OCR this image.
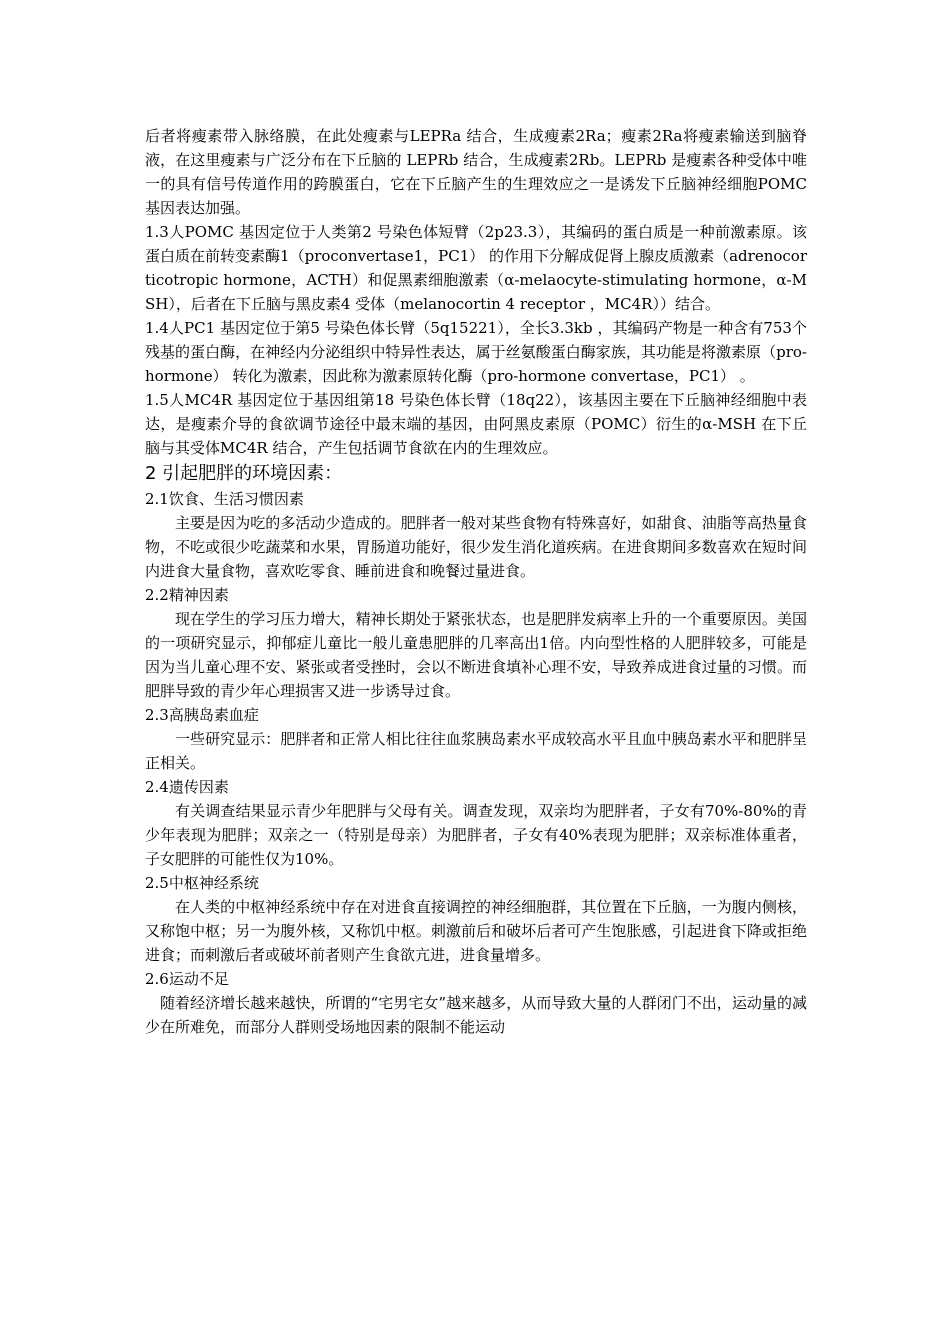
后者将瘦素带入脉络膜，在此处瘦素与LEPRa 结合，生成瘦素2Ra；瘦素2Ra将瘦素输送到脑脊液，在这里瘦素与广泛分布在下丘脑的 LEPRb 结合，生成瘦素2Rb。LEPRb 是瘦素各种受体中唯一的具有信号传道作用的跨膜蛋白，它在下丘脑产生的生理效应之一是诱发下丘脑神经细胞POMC 基因表达加强。

1.3人POMC 基因定位于人类第2 号染色体短臂（2p23.3），其编码的蛋白质是一种前激素原。该蛋白质在前转变素酶1（proconvertase1，PC1） 的作用下分解成促肾上腺皮质激素（adrenocorticotropic hormone，ACTH）和促黑素细胞激素（α-melaocyte-stimulating hormone，α-MSH），后者在下丘脑与黑皮素4 受体（melanocortin 4 receptor ，MC4R））结合。

1.4人PC1 基因定位于第5 号染色体长臂（5q15221），全长3.3kb ，其编码产物是一种含有753个残基的蛋白酶，在神经内分泌组织中特异性表达，属于丝氨酸蛋白酶家族，其功能是将激素原（pro-hormone） 转化为激素，因此称为激素原转化酶（pro-hormone convertase，PC1） 。

1.5人MC4R 基因定位于基因组第18 号染色体长臂（18q22），该基因主要在下丘脑神经细胞中表达，是瘦素介导的食欲调节途径中最末端的基因，由阿黑皮素原（POMC）衍生的α-MSH 在下丘脑与其受体MC4R 结合，产生包括调节食欲在内的生理效应。

2 引起肥胖的环境因素：
2.1饮食、生活习惯因素

主要是因为吃的多活动少造成的。肥胖者一般对某些食物有特殊喜好，如甜食、油脂等高热量食物，不吃或很少吃蔬菜和水果，胃肠道功能好，很少发生消化道疾病。在进食期间多数喜欢在短时间内进食大量食物，喜欢吃零食、睡前进食和晚餐过量进食。

2.2精神因素

现在学生的学习压力增大，精神长期处于紧张状态，也是肥胖发病率上升的一个重要原因。美国的一项研究显示，抑郁症儿童比一般儿童患肥胖的几率高出1倍。内向型性格的人肥胖较多，可能是因为当儿童心理不安、紧张或者受挫时，会以不断进食填补心理不安，导致养成进食过量的习惯。而肥胖导致的青少年心理损害又进一步诱导过食。

2.3高胰岛素血症

一些研究显示：肥胖者和正常人相比往往血浆胰岛素水平成较高水平且血中胰岛素水平和肥胖呈正相关。

2.4遗传因素

有关调查结果显示青少年肥胖与父母有关。调查发现，双亲均为肥胖者，子女有70%-80%的青少年表现为肥胖；双亲之一（特别是母亲）为肥胖者，子女有40%表现为肥胖；双亲标准体重者，子女肥胖的可能性仅为10%。

2.5中枢神经系统

在人类的中枢神经系统中存在对进食直接调控的神经细胞群，其位置在下丘脑，一为腹内侧核，又称饱中枢；另一为腹外核，又称饥中枢。刺激前后和破坏后者可产生饱胀感，引起进食下降或拒绝进食；而刺激后者或破坏前者则产生食欲亢进，进食量增多。

2.6运动不足

随着经济增长越来越快，所谓的“宅男宅女”越来越多，从而导致大量的人群闭门不出，运动量的减少在所难免，而部分人群则受场地因素的限制不能运动
